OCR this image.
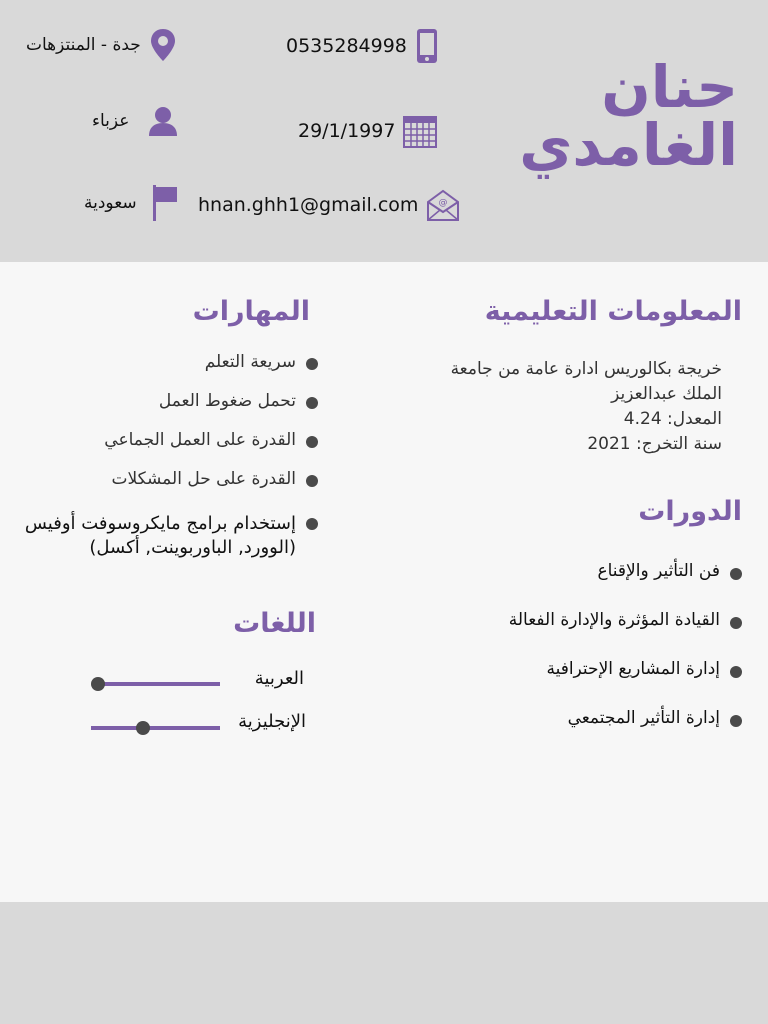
حنان
الغامدي
0535284998
جدة - المنتزهات
29/1/1997
عزباء
hnan.ghh1@gmail.com @
سعودية
المعلومات التعليمية
خريجة بكالوريس ادارة عامة من جامعة
الملك عبدالعزيز
المعدل: 4.24
سنة التخرج: 2021
المهارات
سريعة التعلم
تحمل ضغوط العمل
القدرة على العمل الجماعي
القدرة على حل المشكلات
إستخدام برامج مايكروسوفت أوفيس (الوورد, الباوربوينت, أكسل)
الدورات
فن التأثير والإقناع
القيادة المؤثرة والإدارة الفعالة
إدارة المشاريع الإحترافية
إدارة التأثير المجتمعي
اللغات
العربية
الإنجليزية
